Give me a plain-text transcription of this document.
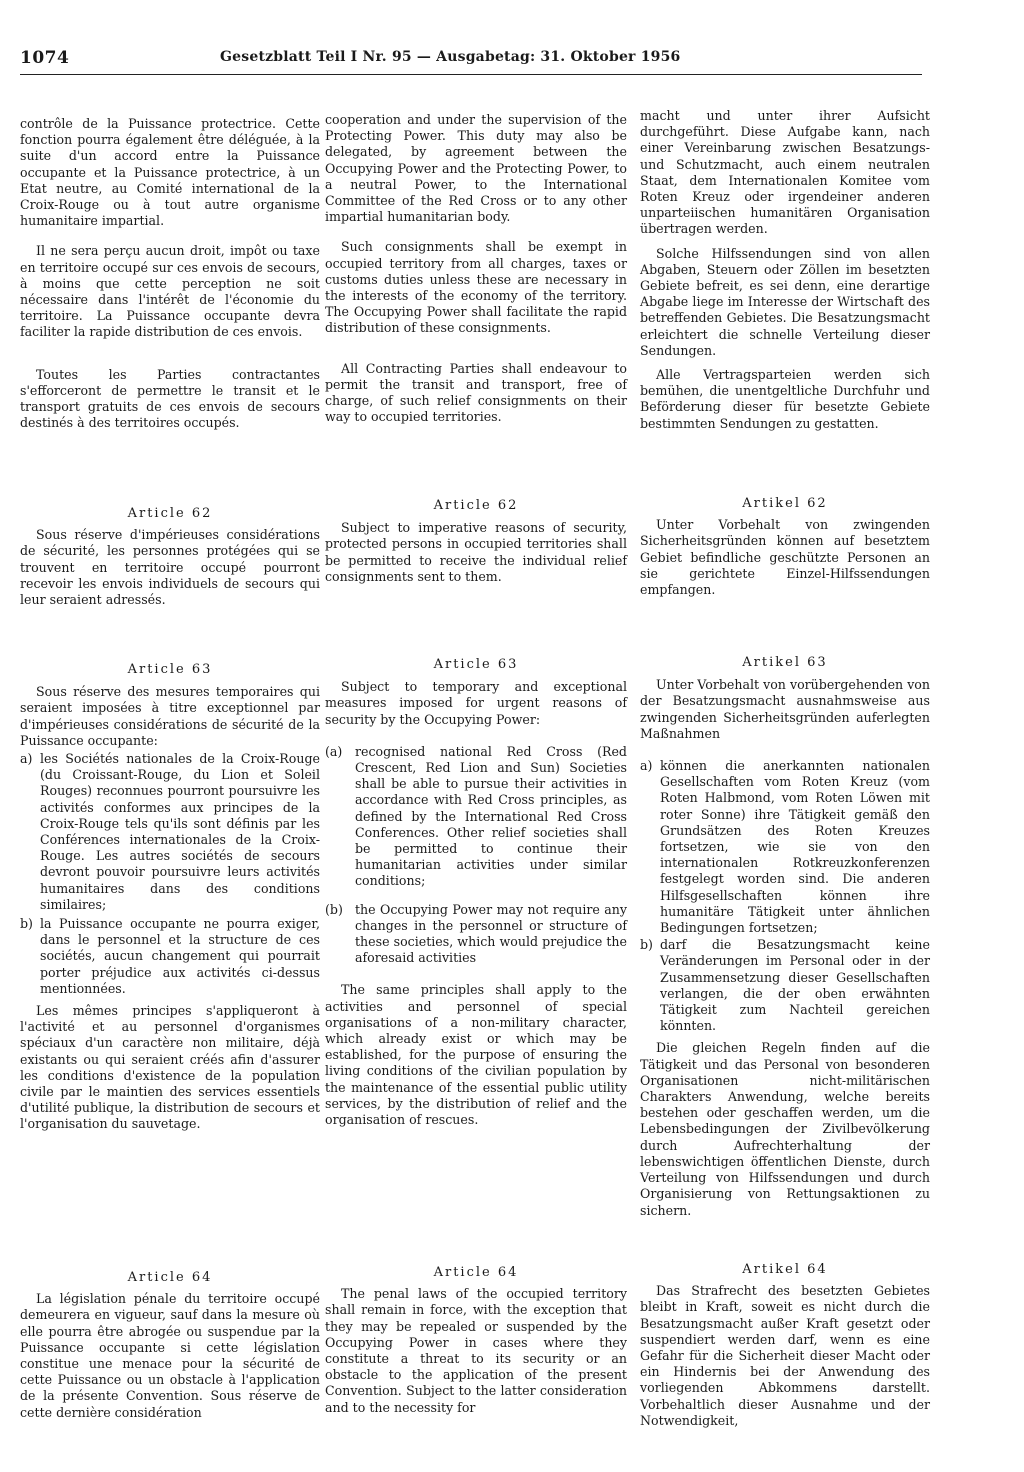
1074	Gesetzblatt Teil I Nr. 95 — Ausgabetag: 31. Oktober 1956

contrôle de la Puissance protectrice. Cette fonction pourra également être déléguée, à la suite d'un accord entre la Puissance occupante et la Puissance protectrice, à un Etat neutre, au Comité international de la Croix-Rouge ou à tout autre organisme humanitaire impartial.

Il ne sera perçu aucun droit, impôt ou taxe en territoire occupé sur ces envois de secours, à moins que cette perception ne soit nécessaire dans l'intérêt de l'économie du territoire. La Puissance occupante devra faciliter la rapide distribution de ces envois.

Toutes les Parties contractantes s'efforceront de permettre le transit et le transport gratuits de ces envois de secours destinés à des territoires occupés.

Article 62

Sous réserve d'impérieuses considérations de sécurité, les personnes protégées qui se trouvent en territoire occupé pourront recevoir les envois individuels de secours qui leur seraient adressés.

Article 63

Sous réserve des mesures temporaires qui seraient imposées à titre exceptionnel par d'impérieuses considérations de sécurité de la Puissance occupante:

a) les Sociétés nationales de la Croix-Rouge (du Croissant-Rouge, du Lion et Soleil Rouges) reconnues pourront poursuivre les activités conformes aux principes de la Croix-Rouge tels qu'ils sont définis par les Conférences internationales de la Croix-Rouge. Les autres sociétés de secours devront pouvoir poursuivre leurs activités humanitaires dans des conditions similaires;
b) la Puissance occupante ne pourra exiger, dans le personnel et la structure de ces sociétés, aucun changement qui pourrait porter préjudice aux activités ci-dessus mentionnées.

Les mêmes principes s'appliqueront à l'activité et au personnel d'organismes spéciaux d'un caractère non militaire, déjà existants ou qui seraient créés afin d'assurer les conditions d'existence de la population civile par le maintien des services essentiels d'utilité publique, la distribution de secours et l'organisation du sauvetage.

Article 64

La législation pénale du territoire occupé demeurera en vigueur, sauf dans la mesure où elle pourra être abrogée ou suspendue par la Puissance occupante si cette législation constitue une menace pour la sécurité de cette Puissance ou un obstacle à l'application de la présente Convention. Sous réserve de cette dernière considération

cooperation and under the supervision of the Protecting Power. This duty may also be delegated, by agreement between the Occupying Power and the Protecting Power, to a neutral Power, to the International Committee of the Red Cross or to any other impartial humanitarian body.

Such consignments shall be exempt in occupied territory from all charges, taxes or customs duties unless these are necessary in the interests of the economy of the territory. The Occupying Power shall facilitate the rapid distribution of these consignments.

All Contracting Parties shall endeavour to permit the transit and transport, free of charge, of such relief consignments on their way to occupied territories.

Article 62

Subject to imperative reasons of security, protected persons in occupied territories shall be permitted to receive the individual relief consignments sent to them.

Article 63

Subject to temporary and exceptional measures imposed for urgent reasons of security by the Occupying Power:

(a)	recognised national Red Cross (Red Crescent, Red Lion and Sun) Societies shall be able to pursue their activities in accordance with Red Cross principles, as defined by the International Red Cross Conferences. Other relief societies shall be permitted to continue their humanitarian activities under similar conditions;
(b) the Occupying Power may not require any changes in the personnel or structure of these societies, which would prejudice the aforesaid activities

The same principles shall apply to the activities and personnel of special organisations of a non-military character, which already exist or which may be established, for the purpose of ensuring the living conditions of the civilian population by the maintenance of the essential public utility services, by the distribution of relief and the organisation of rescues.

Article 64

The penal laws of the occupied territory shall remain in force, with the exception that they may be repealed or suspended by the Occupying Power in cases where they constitute a threat to its security or an obstacle to the application of the present Convention. Subject to the latter consideration and to the necessity for

macht und unter ihrer Aufsicht durchgeführt. Diese Aufgabe kann, nach einer Vereinbarung zwischen Besatzungs- und Schutzmacht, auch einem neutralen Staat, dem Internationalen Komitee vom Roten Kreuz oder irgendeiner anderen unparteiischen humanitären Organisation übertragen werden.

Solche Hilfssendungen sind von allen Abgaben, Steuern oder Zöllen im besetzten Gebiete befreit, es sei denn, eine derartige Abgabe liege im Interesse der Wirtschaft des betreffenden Gebietes. Die Besatzungsmacht erleichtert die schnelle Verteilung dieser Sendungen.

Alle Vertragsparteien werden sich bemühen, die unentgeltliche Durchfuhr und Beförderung dieser für besetzte Gebiete bestimmten Sendungen zu gestatten.

Artikel 62

Unter Vorbehalt von zwingenden Sicherheitsgründen können auf besetztem Gebiet befindliche geschützte Personen an sie gerichtete Einzel-Hilfssendungen empfangen.

Artikel 63

Unter Vorbehalt von vorübergehenden von der Besatzungsmacht ausnahmsweise aus zwingenden Sicherheitsgründen auferlegten Maßnahmen

a) können die anerkannten nationalen Gesellschaften vom Roten Kreuz (vom Roten Halbmond, vom Roten Löwen mit roter Sonne) ihre Tätigkeit gemäß den Grundsätzen des Roten Kreuzes fortsetzen, wie sie von den internationalen Rotkreuzkonferenzen festgelegt worden sind. Die anderen Hilfsgesellschaften können ihre humanitäre Tätigkeit unter ähnlichen Bedingungen fortsetzen;
b) darf die Besatzungsmacht keine Veränderungen im Personal oder in der Zusammensetzung dieser Gesellschaften verlangen, die der oben erwähnten Tätigkeit zum Nachteil gereichen könnten.

Die gleichen Regeln finden auf die Tätigkeit und das Personal von besonderen Organisationen nicht-militärischen Charakters Anwendung, welche bereits bestehen oder geschaffen werden, um die Lebensbedingungen der Zivilbevölkerung durch Aufrechterhaltung der lebenswichtigen öffentlichen Dienste, durch Verteilung von Hilfssendungen und durch Organisierung von Rettungsaktionen zu sichern.

Artikel 64

Das Strafrecht des besetzten Gebietes bleibt in Kraft, soweit es nicht durch die Besatzungsmacht außer Kraft gesetzt oder suspendiert werden darf, wenn es eine Gefahr für die Sicherheit dieser Macht oder ein Hindernis bei der Anwendung des vorliegenden Abkommens darstellt. Vorbehaltlich dieser Ausnahme und der Notwendigkeit,
